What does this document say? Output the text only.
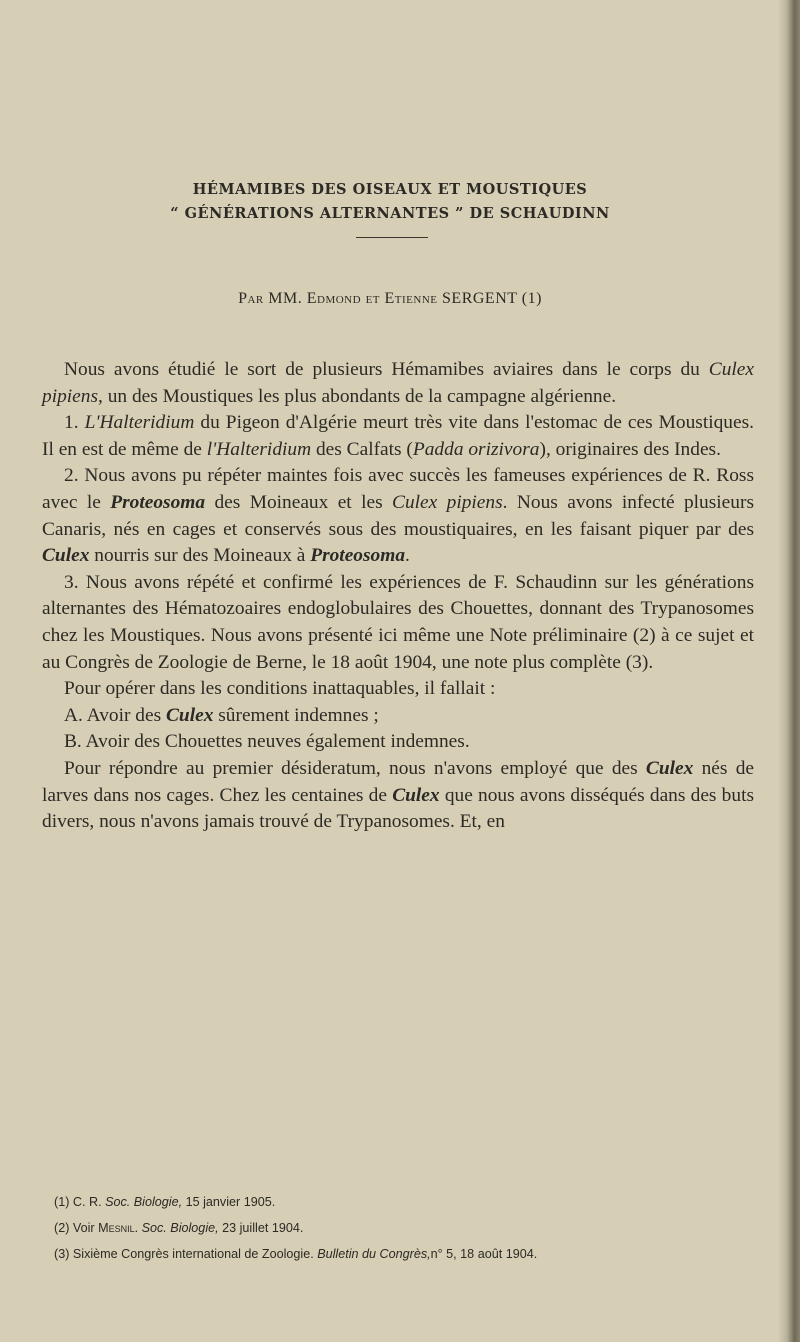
HÉMAMIBES DES OISEAUX ET MOUSTIQUES
“ GÉNÉRATIONS ALTERNANTES ” DE SCHAUDINN
Par MM. Edmond et Etienne SERGENT (1)

Nous avons étudié le sort de plusieurs Hémamibes aviaires dans le corps du Culex pipiens, un des Moustiques les plus abondants de la campagne algérienne.

1. L'Halteridium du Pigeon d'Algérie meurt très vite dans l'estomac de ces Moustiques. Il en est de même de l'Halteridium des Calfats (Padda orizivora), originaires des Indes.

2. Nous avons pu répéter maintes fois avec succès les fameuses expériences de R. Ross avec le Proteosoma des Moineaux et les Culex pipiens. Nous avons infecté plusieurs Canaris, nés en cages et conservés sous des moustiquaires, en les faisant piquer par des Culex nourris sur des Moineaux à Proteosoma.

3. Nous avons répété et confirmé les expériences de F. Schaudinn sur les générations alternantes des Hématozoaires endoglobulaires des Chouettes, donnant des Trypanosomes chez les Moustiques. Nous avons présenté ici même une Note préliminaire (2) à ce sujet et au Congrès de Zoologie de Berne, le 18 août 1904, une note plus complète (3).

Pour opérer dans les conditions inattaquables, il fallait :

A. Avoir des Culex sûrement indemnes ;

B. Avoir des Chouettes neuves également indemnes.

Pour répondre au premier désideratum, nous n'avons employé que des Culex nés de larves dans nos cages. Chez les centaines de Culex que nous avons disséqués dans des buts divers, nous n'avons jamais trouvé de Trypanosomes. Et, en

(1) C. R. Soc. Biologie, 15 janvier 1905.
(2) Voir Mesnil. Soc. Biologie, 23 juillet 1904.
(3) Sixième Congrès international de Zoologie. Bulletin du Congrès,n° 5, 18 août 1904.
